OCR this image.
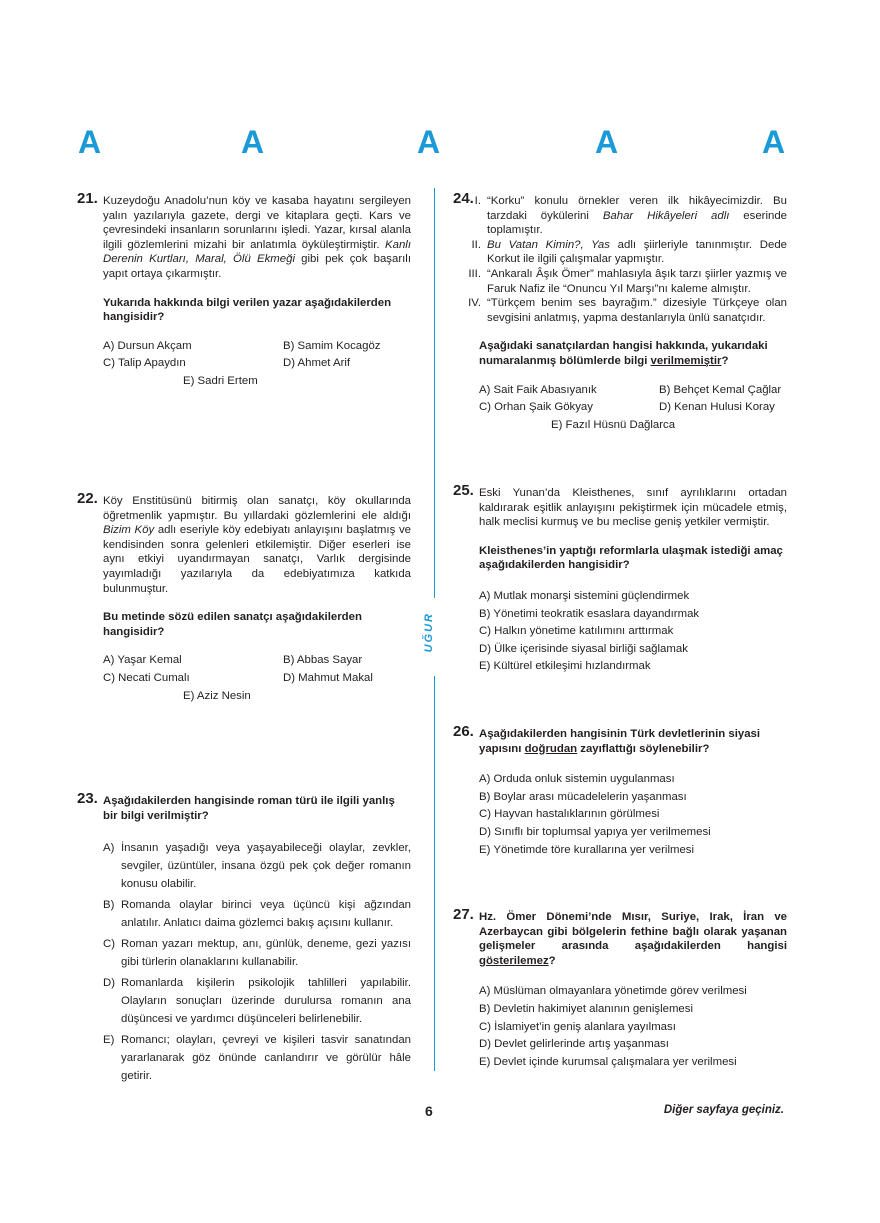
A	A	A	A	A
UĞUR
21. Kuzeydoğu Anadolu’nun köy ve kasaba hayatını sergileyen yalın yazılarıyla gazete, dergi ve kitaplara geçti. Kars ve çevresindeki insanların sorunlarını işledi. Yazar, kırsal alanla ilgili gözlemlerini mizahi bir anlatımla öyküleştirmiştir. Kanlı Derenin Kurtları, Maral, Ölü Ekmeği gibi pek çok başarılı yapıt ortaya çıkarmıştır.

Yukarıda hakkında bilgi verilen yazar aşağıdakilerden hangisidir?
A) Dursun Akçam	B) Samim Kocagöz
C) Talip Apaydın	D) Ahmet Arif
E) Sadri Ertem
22. Köy Enstitüsünü bitirmiş olan sanatçı, köy okullarında öğretmenlik yapmıştır. Bu yıllardaki gözlemlerini ele aldığı Bizim Köy adlı eseriyle köy edebiyatı anlayışını başlatmış ve kendisinden sonra gelenleri etkilemiştir. Diğer eserleri ise aynı etkiyi uyandırmayan sanatçı, Varlık dergisinde yayımladığı yazılarıyla da edebiyatımıza katkıda bulunmuştur.

Bu metinde sözü edilen sanatçı aşağıdakilerden hangisidir?
A) Yaşar Kemal	B) Abbas Sayar
C) Necati Cumalı	D) Mahmut Makal
E) Aziz Nesin
23. Aşağıdakilerden hangisinde roman türü ile ilgili yanlış bir bilgi verilmiştir?
A) İnsanın yaşadığı veya yaşayabileceği olaylar, zevkler, sevgiler, üzüntüler, insana özgü pek çok değer romanın konusu olabilir.
B) Romanda olaylar birinci veya üçüncü kişi ağzından anlatılır. Anlatıcı daima gözlemci bakış açısını kullanır.
C) Roman yazarı mektup, anı, günlük, deneme, gezi yazısı gibi türlerin olanaklarını kullanabilir.
D) Romanlarda kişilerin psikolojik tahlilleri yapılabilir. Olayların sonuçları üzerinde durulursa romanın ana düşüncesi ve yardımcı düşünceleri belirlenebilir.
E) Romancı; olayları, çevreyi ve kişileri tasvir sanatından yararlanarak göz önünde canlandırır ve görülür hâle getirir.
24. I. “Korku” konulu örnekler veren ilk hikâyecimizdir. Bu tarzdaki öykülerini Bahar Hikâyeleri adlı eserinde toplamıştır.
II. Bu Vatan Kimin?, Yas adlı şiirleriyle tanınmıştır. Dede Korkut ile ilgili çalışmalar yapmıştır.
III. “Ankaralı Âşık Ömer” mahlasıyla âşık tarzı şiirler yazmış ve Faruk Nafiz ile “Onuncu Yıl Marşı”nı kaleme almıştır.
IV. “Türkçem benim ses bayrağım.” dizesiyle Türkçeye olan sevgisini anlatmış, yapma destanlarıyla ünlü sanatçıdır.
Aşağıdaki sanatçılardan hangisi hakkında, yukarıdaki numaralanmış bölümlerde bilgi verilmemiştir?
A) Sait Faik Abasıyanık	B) Behçet Kemal Çağlar
C) Orhan Şaik Gökyay	D) Kenan Hulusi Koray
E) Fazıl Hüsnü Dağlarca
25. Eski Yunan’da Kleisthenes, sınıf ayrılıklarını ortadan kaldırarak eşitlik anlayışını pekiştirmek için mücadele etmiş, halk meclisi kurmuş ve bu meclise geniş yetkiler vermiştir.

Kleisthenes’in yaptığı reformlarla ulaşmak istediği amaç aşağıdakilerden hangisidir?
A) Mutlak monarşi sistemini güçlendirmek
B) Yönetimi teokratik esaslara dayandırmak
C) Halkın yönetime katılımını arttırmak
D) Ülke içerisinde siyasal birliği sağlamak
E) Kültürel etkileşimi hızlandırmak
26. Aşağıdakilerden hangisinin Türk devletlerinin siyasi yapısını doğrudan zayıflattığı söylenebilir?
A) Orduda onluk sistemin uygulanması
B) Boylar arası mücadelelerin yaşanması
C) Hayvan hastalıklarının görülmesi
D) Sınıflı bir toplumsal yapıya yer verilmemesi
E) Yönetimde töre kurallarına yer verilmesi
27. Hz. Ömer Dönemi’nde Mısır, Suriye, Irak, İran ve Azerbaycan gibi bölgelerin fethine bağlı olarak yaşanan gelişmeler arasında aşağıdakilerden hangisi gösterilemez?
A) Müslüman olmayanlara yönetimde görev verilmesi
B) Devletin hakimiyet alanının genişlemesi
C) İslamiyet’in geniş alanlara yayılması
D) Devlet gelirlerinde artış yaşanması
E) Devlet içinde kurumsal çalışmalara yer verilmesi
6	Diğer sayfaya geçiniz.
